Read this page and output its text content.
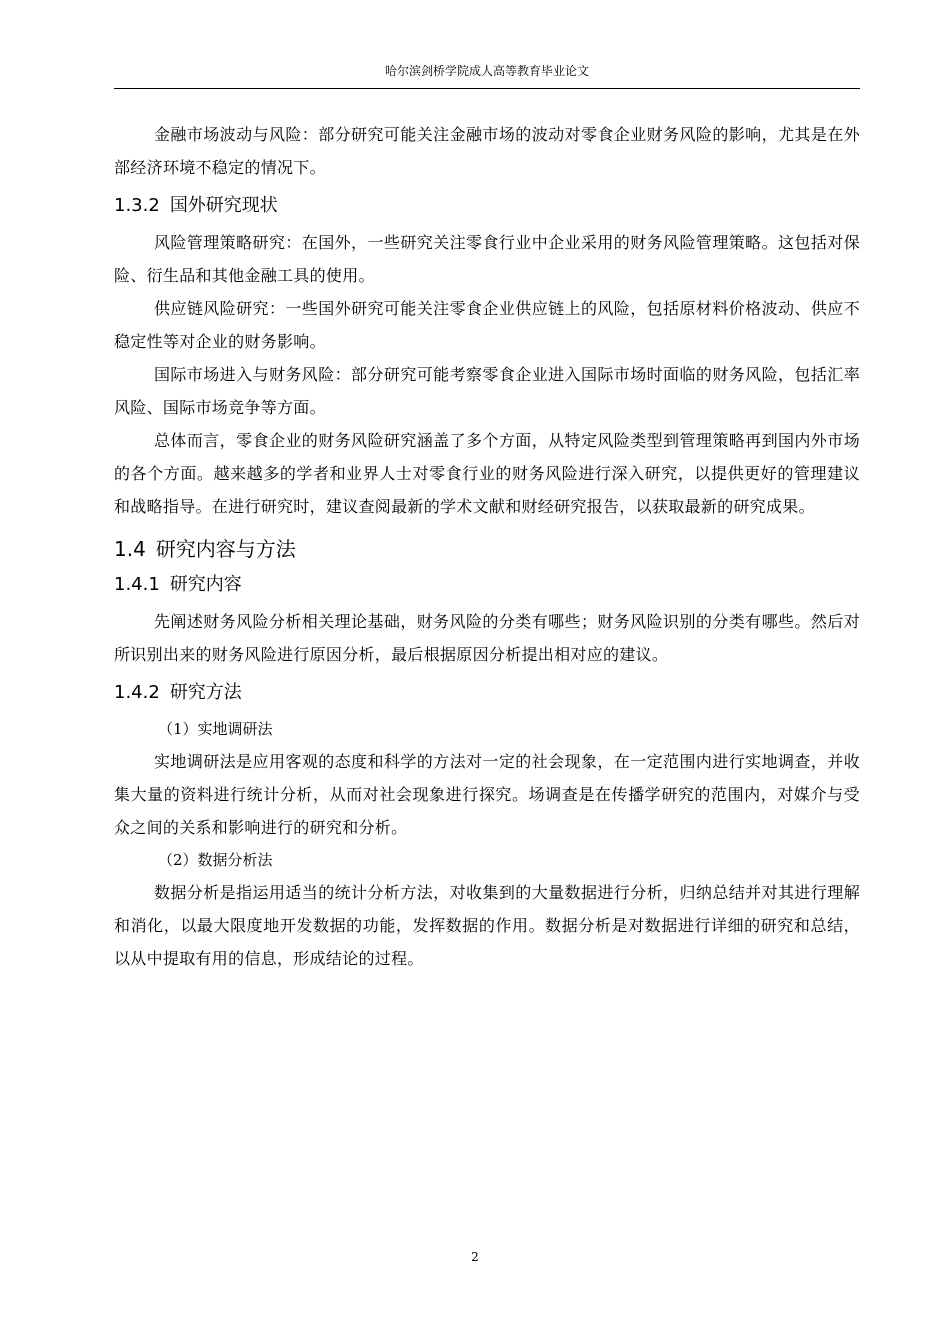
哈尔滨剑桥学院成人高等教育毕业论文

金融市场波动与风险：部分研究可能关注金融市场的波动对零食企业财务风险的影响，尤其是在外部经济环境不稳定的情况下。

1.3.2 国外研究现状

风险管理策略研究：在国外，一些研究关注零食行业中企业采用的财务风险管理策略。这包括对保险、衍生品和其他金融工具的使用。

供应链风险研究：一些国外研究可能关注零食企业供应链上的风险，包括原材料价格波动、供应不稳定性等对企业的财务影响。

国际市场进入与财务风险：部分研究可能考察零食企业进入国际市场时面临的财务风险，包括汇率风险、国际市场竞争等方面。

总体而言，零食企业的财务风险研究涵盖了多个方面，从特定风险类型到管理策略再到国内外市场的各个方面。越来越多的学者和业界人士对零食行业的财务风险进行深入研究，以提供更好的管理建议和战略指导。在进行研究时，建议查阅最新的学术文献和财经研究报告，以获取最新的研究成果。

1.4 研究内容与方法
1.4.1 研究内容

先阐述财务风险分析相关理论基础，财务风险的分类有哪些；财务风险识别的分类有哪些。然后对所识别出来的财务风险进行原因分析，最后根据原因分析提出相对应的建议。

1.4.2 研究方法

（1）实地调研法

实地调研法是应用客观的态度和科学的方法对一定的社会现象，在一定范围内进行实地调查，并收集大量的资料进行统计分析，从而对社会现象进行探究。场调查是在传播学研究的范围内，对媒介与受众之间的关系和影响进行的研究和分析。

（2）数据分析法

数据分析是指运用适当的统计分析方法，对收集到的大量数据进行分析，归纳总结并对其进行理解和消化，以最大限度地开发数据的功能，发挥数据的作用。数据分析是对数据进行详细的研究和总结，以从中提取有用的信息，形成结论的过程。

2
